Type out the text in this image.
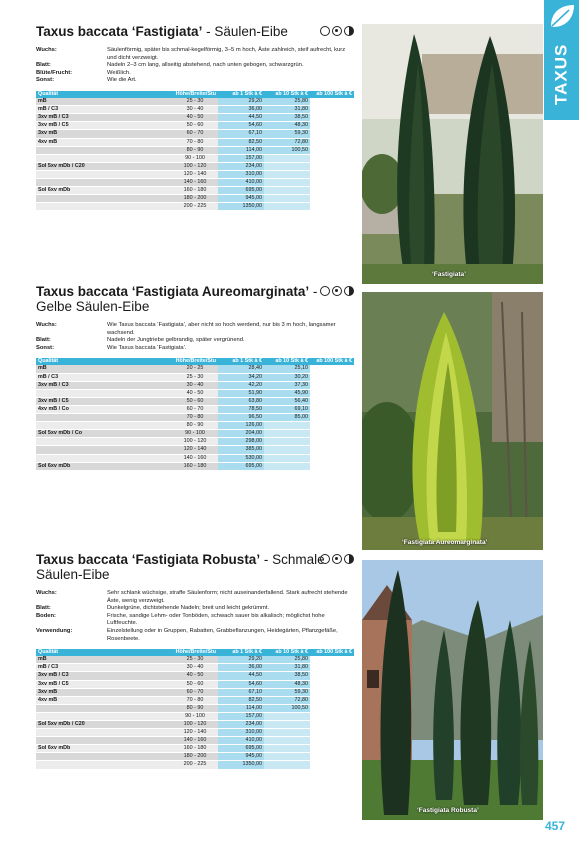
TAXUS
Taxus baccata ‘Fastigiata’ - Säulen-Eibe
Wuchs:	Säulenförmig, später bis schmal-kegelförmig, 3–5 m hoch, Äste zahlreich, steif aufrecht, kurz und dicht verzweigt.
Blatt:	Nadeln 2–3 cm lang, allseitig abstehend, nach unten gebogen, schwarzgrün.
Blüte/Frucht:	Weißlich.
Sonst:	Wie die Art.
Qualität	Höhe/Breite/Stu	ab 1 Stk à €	ab 10 Stk à €	ab 100 Stk à €
mB	25 - 30	29,20	25,80	
mB / C3	30 - 40	36,00	31,80	
3xv mB / C3	40 - 50	44,50	38,50	
3xv mB / C5	50 - 60	54,60	48,30	
3xv mB	60 - 70	67,10	59,30	
4xv mB	70 - 80	82,50	72,80	
	80 - 90	114,00	100,50	
	90 - 100	157,00		
Sol 5xv mDb / C20	100 - 120	234,00		
	120 - 140	310,00		
	140 - 160	410,00		
Sol 6xv mDb	160 - 180	695,00		
	180 - 200	945,00		
	200 - 225	1350,00		
Taxus baccata ‘Fastigiata Aureomarginata’ - Gelbe Säulen-Eibe
Wuchs:	Wie Taxus baccata ‘Fastigiata’, aber nicht so hoch werdend, nur bis 3 m hoch, langsamer wachsend.
Blatt:	Nadeln der Jungtriebe gelbrandig, später vergrünend.
Sonst:	Wie Taxus baccata ‘Fastigiata’.
Qualität	Höhe/Breite/Stu	ab 1 Stk à €	ab 10 Stk à €	ab 100 Stk à €
mB	20 - 25	28,40	25,10	
mB / C3	25 - 30	34,20	30,20	
3xv mB / C3	30 - 40	42,20	37,30	
	40 - 50	51,90	45,90	
3xv mB / C5	50 - 60	63,80	56,40	
4xv mB / Co	60 - 70	78,50	69,10	
	70 - 80	96,50	85,00	
	80 - 90	126,00		
Sol 5xv mDb / Co	90 - 100	204,00		
	100 - 120	298,00		
	120 - 140	385,00		
	140 - 160	530,00		
Sol 6xv mDb	160 - 180	695,00		
Taxus baccata ‘Fastigiata Robusta’ - Schmale Säulen-Eibe
Wuchs:	Sehr schlank wüchsige, straffe Säulenform; nicht auseinanderfallend. Stark aufrecht stehende Äste, wenig verzweigt.
Blatt:	Dunkelgrüne, dichtstehende Nadeln; breit und leicht gekrümmt.
Boden:	Frische, sandige Lehm- oder Tonböden, schwach sauer bis alkalisch; möglichst hohe Luftfeuchte.
Verwendung:	Einzelstellung oder in Gruppen, Rabatten, Grabbeflanzungen, Heidegärten, Pflanzgefäße, Rosenbeete.
Qualität	Höhe/Breite/Stu	ab 1 Stk à €	ab 10 Stk à €	ab 100 Stk à €
mB	25 - 30	29,20	25,80	
mB / C3	30 - 40	36,00	31,80	
3xv mB / C3	40 - 50	44,50	38,50	
3xv mB / C5	50 - 60	54,60	48,30	
3xv mB	60 - 70	67,10	59,30	
4xv mB	70 - 80	82,50	72,80	
	80 - 90	114,00	100,50	
	90 - 100	157,00		
Sol 5xv mDb / C20	100 - 120	234,00		
	120 - 140	310,00		
	140 - 160	410,00		
Sol 6xv mDb	160 - 180	695,00		
	180 - 200	945,00		
	200 - 225	1350,00		
‘Fastigiata’
‘Fastigiata Aureomarginata’
‘Fastigiata Robusta’
457
